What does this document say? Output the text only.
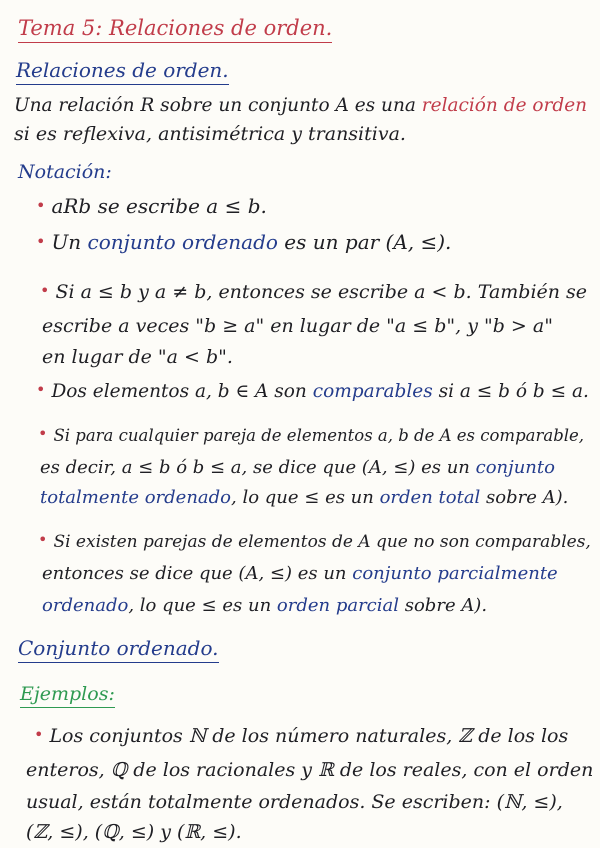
Tema 5: Relaciones de orden.
Relaciones de orden.
Una relación R sobre un conjunto A es una relación de orden
si es reflexiva, antisimétrica y transitiva.
Notación:
• aRb se escribe a ≤ b.
• Un conjunto ordenado es un par (A, ≤).
• Si a ≤ b y a ≠ b, entonces se escribe a < b. También se
escribe a veces "b ≥ a" en lugar de "a ≤ b", y "b > a"
en lugar de "a < b".
• Dos elementos a, b ∈ A son comparables si a ≤ b ó b ≤ a.
• Si para cualquier pareja de elementos a, b de A es comparable,
es decir, a ≤ b ó b ≤ a, se dice que (A, ≤) es un conjunto
totalmente ordenado, lo que ≤ es un orden total sobre A).
• Si existen parejas de elementos de A que no son comparables,
entonces se dice que (A, ≤) es un conjunto parcialmente
ordenado, lo que ≤ es un orden parcial sobre A).
Conjunto ordenado.
Ejemplos:
• Los conjuntos ℕ de los número naturales, ℤ de los los
enteros, ℚ de los racionales y ℝ de los reales, con el orden
usual, están totalmente ordenados. Se escriben: (ℕ, ≤),
(ℤ, ≤), (ℚ, ≤) y (ℝ, ≤).
